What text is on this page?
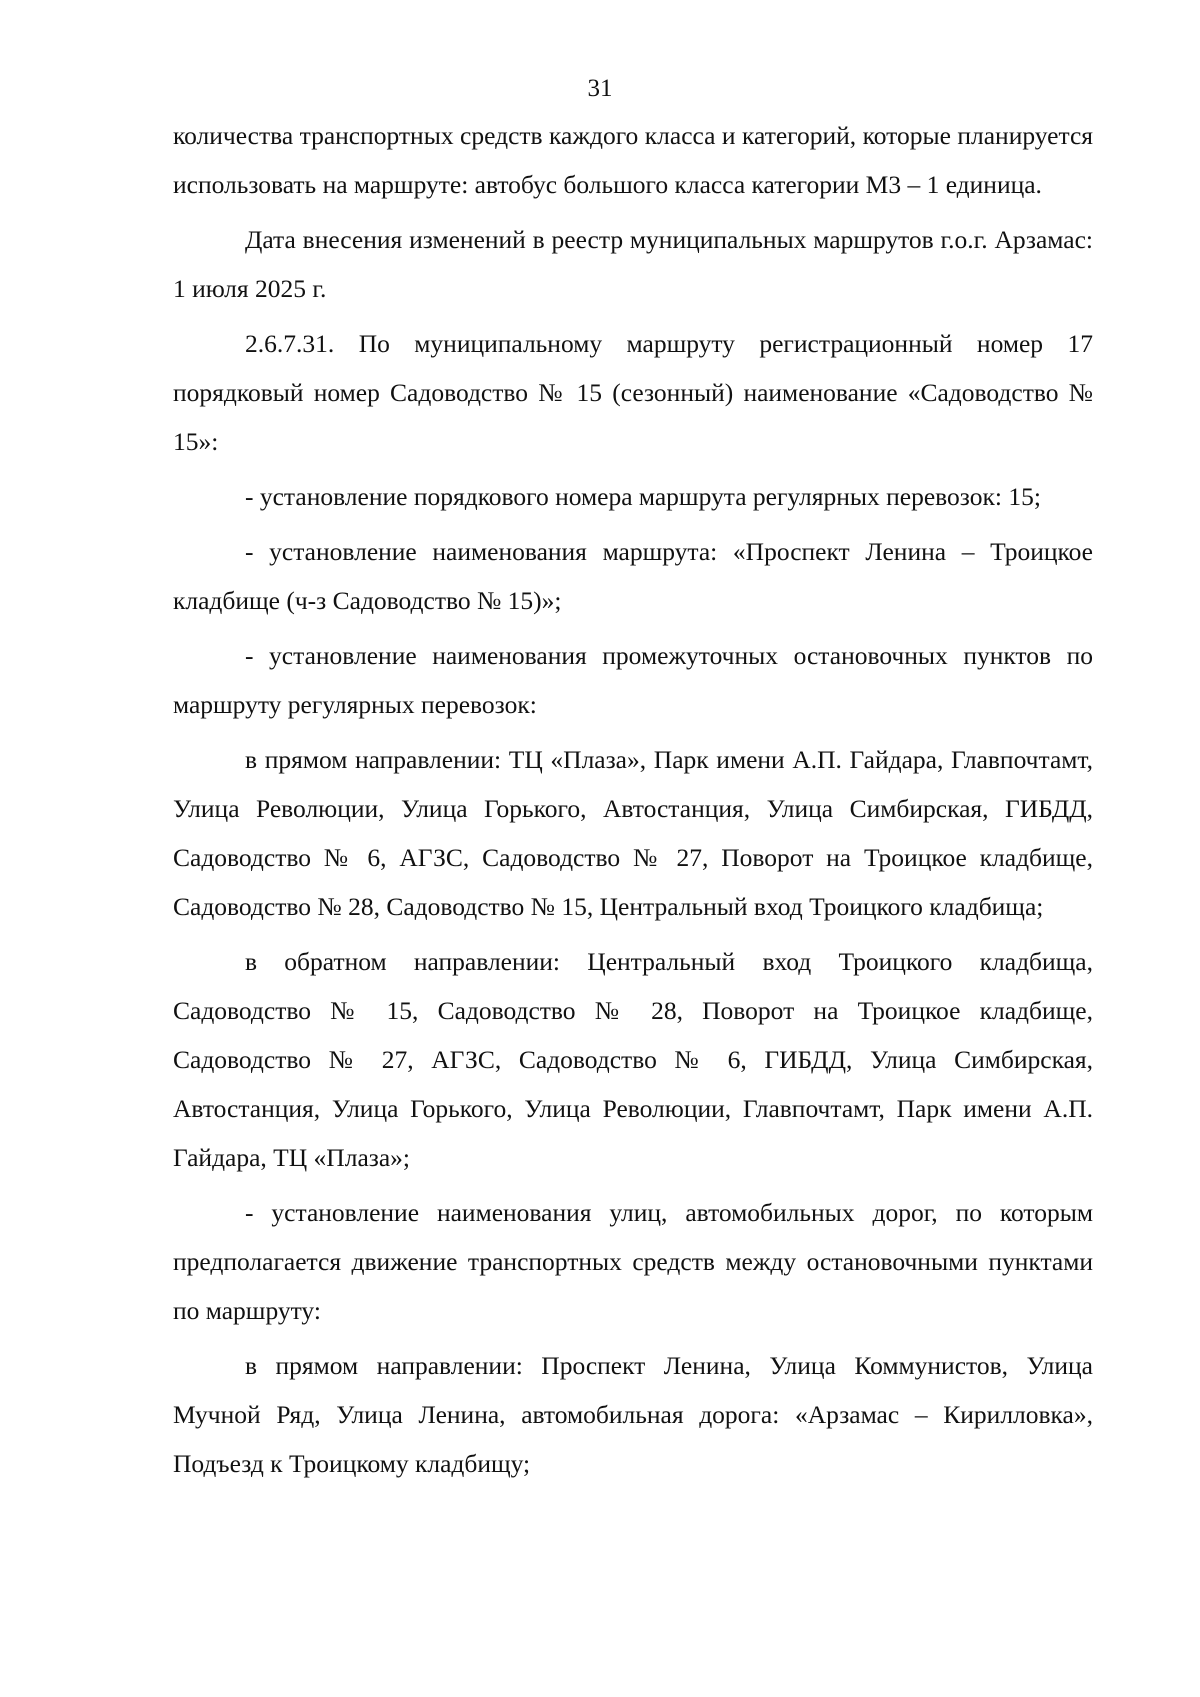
31

количества транспортных средств каждого класса и категорий, которые планируется использовать на маршруте: автобус большого класса категории М3 – 1 единица.

Дата внесения изменений в реестр муниципальных маршрутов г.о.г. Арзамас: 1 июля 2025 г.

2.6.7.31. По муниципальному маршруту регистрационный номер 17 порядковый номер Садоводство № 15 (сезонный) наименование «Садоводство № 15»:

- установление порядкового номера маршрута регулярных перевозок: 15;

- установление наименования маршрута: «Проспект Ленина – Троицкое кладбище (ч-з Садоводство № 15)»;

- установление наименования промежуточных остановочных пунктов по маршруту регулярных перевозок:

в прямом направлении: ТЦ «Плаза», Парк имени А.П. Гайдара, Главпочтамт, Улица Революции, Улица Горького, Автостанция, Улица Симбирская, ГИБДД, Садоводство № 6, АГЗС, Садоводство № 27, Поворот на Троицкое кладбище, Садоводство № 28, Садоводство № 15, Центральный вход Троицкого кладбища;

в обратном направлении: Центральный вход Троицкого кладбища, Садоводство № 15, Садоводство № 28, Поворот на Троицкое кладбище, Садоводство № 27, АГЗС, Садоводство № 6, ГИБДД, Улица Симбирская, Автостанция, Улица Горького, Улица Революции, Главпочтамт, Парк имени А.П. Гайдара, ТЦ «Плаза»;

- установление наименования улиц, автомобильных дорог, по которым предполагается движение транспортных средств между остановочными пунктами по маршруту:

в прямом направлении: Проспект Ленина, Улица Коммунистов, Улица Мучной Ряд, Улица Ленина, автомобильная дорога: «Арзамас – Кирилловка», Подъезд к Троицкому кладбищу;
